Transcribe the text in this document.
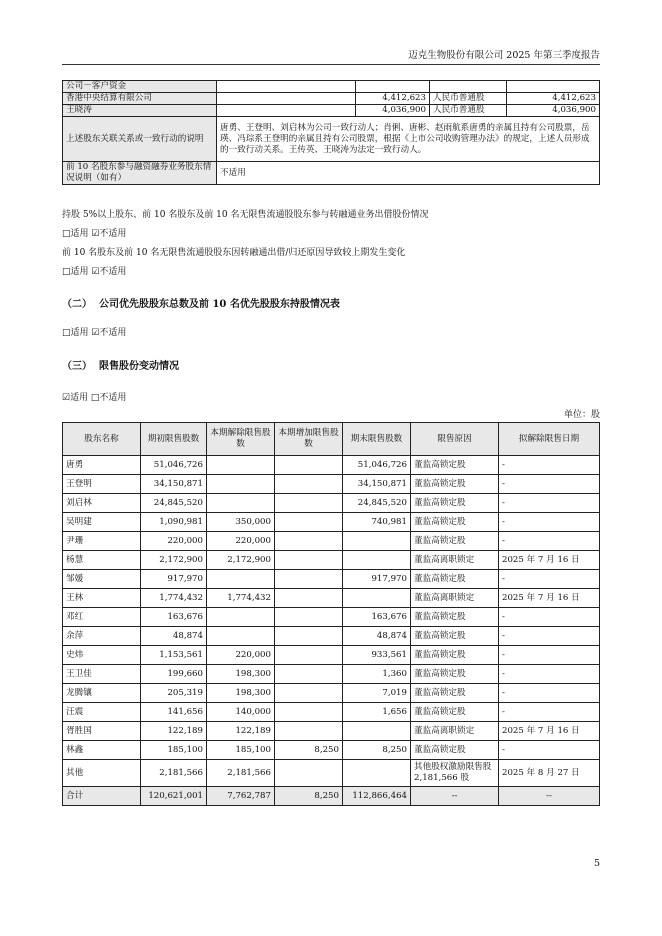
迈克生物股份有限公司 2025 年第三季度报告
公司－客户资金				
香港中央结算有限公司		4,412,623	人民币普通股	4,412,623
王晓涛		4,036,900	人民币普通股	4,036,900
上述股东关联关系或一致行动的说明	唐勇、王登明、刘启林为公司一致行动人；肖俐、唐彬、赵雨航系唐勇的亲属且持有公司股票，岳瑛、冯琮系王登明的亲属且持有公司股票，根据《上市公司收购管理办法》的规定，上述人员形成的一致行动关系。王传英、王晓涛为法定一致行动人。			
前 10 名股东参与融资融券业务股东情况说明（如有）	不适用			
持股 5%以上股东、前 10 名股东及前 10 名无限售流通股股东参与转融通业务出借股份情况
□适用 ☑不适用
前 10 名股东及前 10 名无限售流通股股东因转融通出借/归还原因导致较上期发生变化
□适用 ☑不适用
（二） 公司优先股股东总数及前 10 名优先股股东持股情况表
□适用 ☑不适用
（三） 限售股份变动情况
☑适用 □不适用
单位：股
股东名称	期初限售股数	本期解除限售股数	本期增加限售股数	期末限售股数	限售原因	拟解除限售日期
唐勇	51,046,726			51,046,726	董监高锁定股	-
王登明	34,150,871			34,150,871	董监高锁定股	-
刘启林	24,845,520			24,845,520	董监高锁定股	-
吴明建	1,090,981	350,000		740,981	董监高锁定股	-
尹珊	220,000	220,000			董监高锁定股	-
杨慧	2,172,900	2,172,900			董监高离职锁定	2025 年 7 月 16 日
邹媛	917,970			917,970	董监高锁定股	-
王林	1,774,432	1,774,432			董监高离职锁定	2025 年 7 月 16 日
邓红	163,676			163,676	董监高锁定股	-
余萍	48,874			48,874	董监高锁定股	-
史炜	1,153,561	220,000		933,561	董监高锁定股	-
王卫佳	199,660	198,300		1,360	董监高锁定股	-
龙腾镶	205,319	198,300		7,019	董监高锁定股	-
汪震	141,656	140,000		1,656	董监高锁定股	-
胥胜国	122,189	122,189			董监高离职锁定	2025 年 7 月 16 日
林鑫	185,100	185,100	8,250	8,250	董监高锁定股	-
其他	2,181,566	2,181,566			其他股权激励限售股 2,181,566 股	2025 年 8 月 27 日
合计	120,621,001	7,762,787	8,250	112,866,464	--	--
5
